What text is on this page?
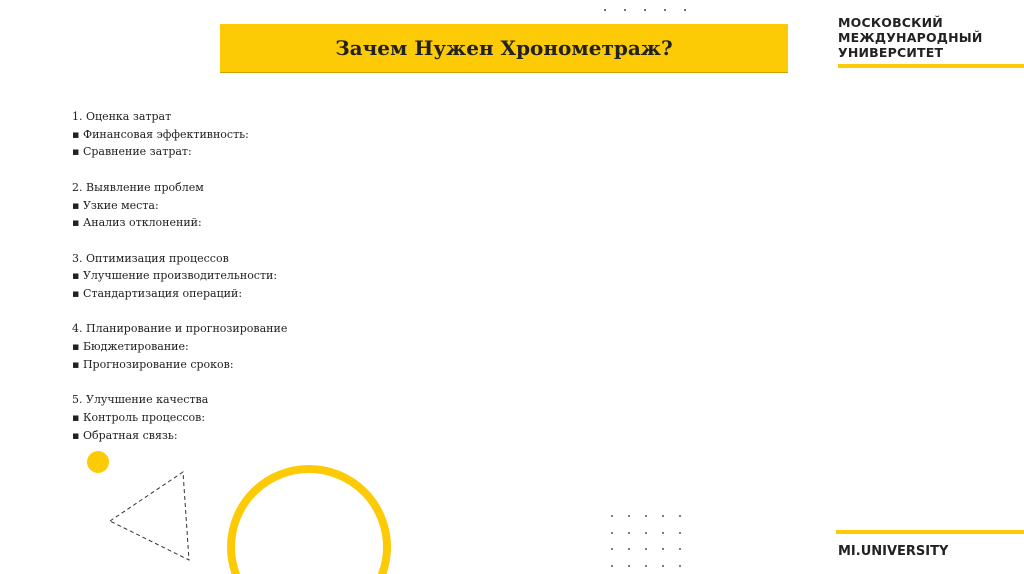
Зачем Нужен Хронометраж?
МОСКОВСКИЙ
МЕЖДУНАРОДНЫЙ
УНИВЕРСИТЕТ
1. Оценка затрат
▪ Финансовая эффективность:
▪ Сравнение затрат:
2. Выявление проблем
▪ Узкие места:
▪ Анализ отклонений:
3. Оптимизация процессов
▪ Улучшение производительности:
▪ Стандартизация операций:
4. Планирование и прогнозирование
▪ Бюджетирование:
▪ Прогнозирование сроков:
5. Улучшение качества
▪ Контроль процессов:
▪ Обратная связь:
MI.UNIVERSITY
